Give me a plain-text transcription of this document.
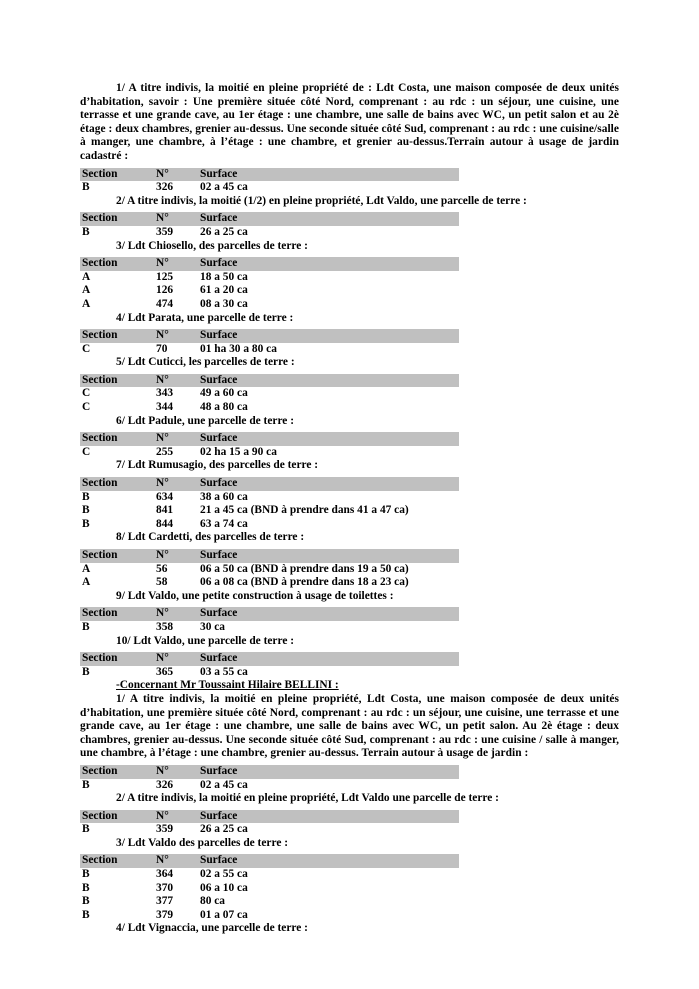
1/ A titre indivis, la moitié en pleine propriété de : Ldt Costa, une maison composée de deux unités d’habitation, savoir : Une première située côté Nord, comprenant : au rdc : un séjour, une cuisine, une terrasse et une grande cave, au 1er étage : une chambre, une salle de bains avec WC, un petit salon et au 2è étage : deux chambres, grenier au-dessus. Une seconde située côté Sud, comprenant : au rdc : une cuisine/salle à manger, une chambre, à l’étage : une chambre, et grenier au-dessus.Terrain autour à usage de jardin cadastré :

Section	N°	Surface
B	326	02 a 45 ca

2/ A titre indivis, la moitié (1/2) en pleine propriété, Ldt Valdo, une parcelle de terre :

Section	N°	Surface
B	359	26 a 25 ca

3/ Ldt Chiosello, des parcelles de terre :

Section	N°	Surface
A	125	18 a 50 ca
A	126	61 a 20 ca
A	474	08 a 30 ca

4/ Ldt Parata, une parcelle de terre :

Section	N°	Surface
C	70	01 ha 30 a 80 ca

5/ Ldt Cuticci, les parcelles de terre :

Section	N°	Surface
C	343	49 a 60 ca
C	344	48 a 80 ca

6/ Ldt Padule, une parcelle de terre :

Section	N°	Surface
C	255	02 ha 15 a 90 ca

7/ Ldt Rumusagio, des parcelles de terre :

Section	N°	Surface
B	634	38 a 60 ca
B	841	21 a 45 ca (BND à prendre dans 41 a 47 ca)
B	844	63 a 74 ca

8/ Ldt Cardetti, des parcelles de terre :

Section	N°	Surface
A	56	06 a 50 ca (BND à prendre dans 19 a 50 ca)
A	58	06 a 08 ca (BND à prendre dans 18 a 23 ca)

9/ Ldt Valdo, une petite construction à usage de toilettes :

Section	N°	Surface
B	358	30 ca

10/ Ldt Valdo, une parcelle de terre :

Section	N°	Surface
B	365	03 a 55 ca

-Concernant Mr Toussaint Hilaire BELLINI :

1/ A titre indivis, la moitié en pleine propriété, Ldt Costa, une maison composée de deux unités d’habitation, une première située côté Nord, comprenant : au rdc : un séjour, une cuisine, une terrasse et une grande cave, au 1er étage : une chambre, une salle de bains avec WC, un petit salon. Au 2è étage : deux chambres, grenier au-dessus. Une seconde située côté Sud, comprenant : au rdc : une cuisine / salle à manger, une chambre, à l’étage : une chambre, grenier au-dessus. Terrain autour à usage de jardin :

Section	N°	Surface
B	326	02 a 45 ca

2/ A titre indivis, la moitié en pleine propriété, Ldt Valdo une parcelle de terre :

Section	N°	Surface
B	359	26 a 25 ca

3/ Ldt Valdo des parcelles de terre :

Section	N°	Surface
B	364	02 a 55 ca
B	370	06 a 10 ca
B	377	80 ca
B	379	01 a 07 ca

4/ Ldt Vignaccia, une parcelle de terre :
